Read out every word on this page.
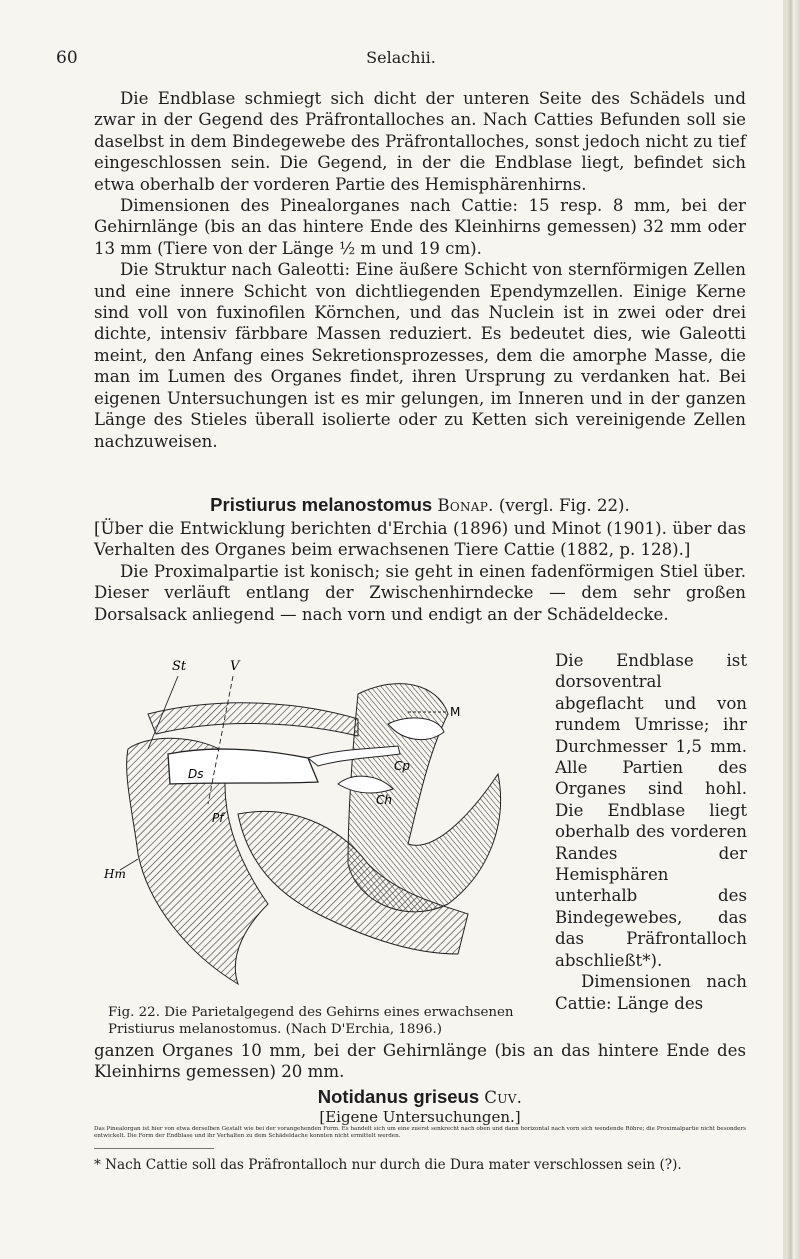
60	Selachii.

Die Endblase schmiegt sich dicht der unteren Seite des Schädels und zwar in der Gegend des Präfrontalloches an. Nach Catties Befunden soll sie daselbst in dem Bindegewebe des Präfrontalloches, sonst jedoch nicht zu tief eingeschlossen sein. Die Gegend, in der die Endblase liegt, befindet sich etwa oberhalb der vorderen Partie des Hemisphärenhirns.

Dimensionen des Pinealorganes nach Cattie: 15 resp. 8 mm, bei der Gehirnlänge (bis an das hintere Ende des Kleinhirns gemessen) 32 mm oder 13 mm (Tiere von der Länge ½ m und 19 cm).

Die Struktur nach Galeotti: Eine äußere Schicht von sternförmigen Zellen und eine innere Schicht von dichtliegenden Ependymzellen. Einige Kerne sind voll von fuxinofilen Körnchen, und das Nuclein ist in zwei oder drei dichte, intensiv färbbare Massen reduziert. Es bedeutet dies, wie Galeotti meint, den Anfang eines Sekretionsprozesses, dem die amorphe Masse, die man im Lumen des Organes findet, ihren Ursprung zu verdanken hat. Bei eigenen Untersuchungen ist es mir gelungen, im Inneren und in der ganzen Länge des Stieles überall isolierte oder zu Ketten sich vereinigende Zellen nachzuweisen.

Pristiurus melanostomus Bonap. (vergl. Fig. 22).

[Über die Entwicklung berichten d'Erchia (1896) und Minot (1901). über das Verhalten des Organes beim erwachsenen Tiere Cattie (1882, p. 128).]

Die Proximalpartie ist konisch; sie geht in einen fadenförmigen Stiel über. Dieser verläuft entlang der Zwischenhirndecke — dem sehr großen Dorsalsack anliegend — nach vorn und endigt an der Schädeldecke.

St	V
M
Ds
Cp
Ch
Pf
Hm
Fig. 22. Die Parietalgegend des Gehirns eines erwachsenen Pristiurus melanostomus. (Nach D'Erchia, 1896.)
Die Endblase ist dorsoventral abgeflacht und von rundem Umrisse; ihr Durchmesser 1,5 mm. Alle Partien des Organes sind hohl. Die Endblase liegt oberhalb des vorderen Randes der Hemisphären unterhalb des Bindegewebes, das das Präfrontalloch abschließt*).

Dimensionen nach Cattie: Länge des

ganzen Organes 10 mm, bei der Gehirnlänge (bis an das hintere Ende des Kleinhirns gemessen) 20 mm.
Notidanus griseus Cuv.
* Nach Cattie soll das Präfrontalloch nur durch die Dura mater verschlossen sein (?).
[Eigene Untersuchungen.]
Das Pinealorgan ist hier von etwa derselben Gestalt wie bei der vorangehenden Form. Es handelt sich um eine zuerst senkrecht nach oben und dann horizontal nach vorn sich wendende Röhre; die Proximalpartie nicht besonders entwickelt. Die Form der Endblase und ihr Verhalten zu dem Schädeldache konnten nicht ermittelt werden.
